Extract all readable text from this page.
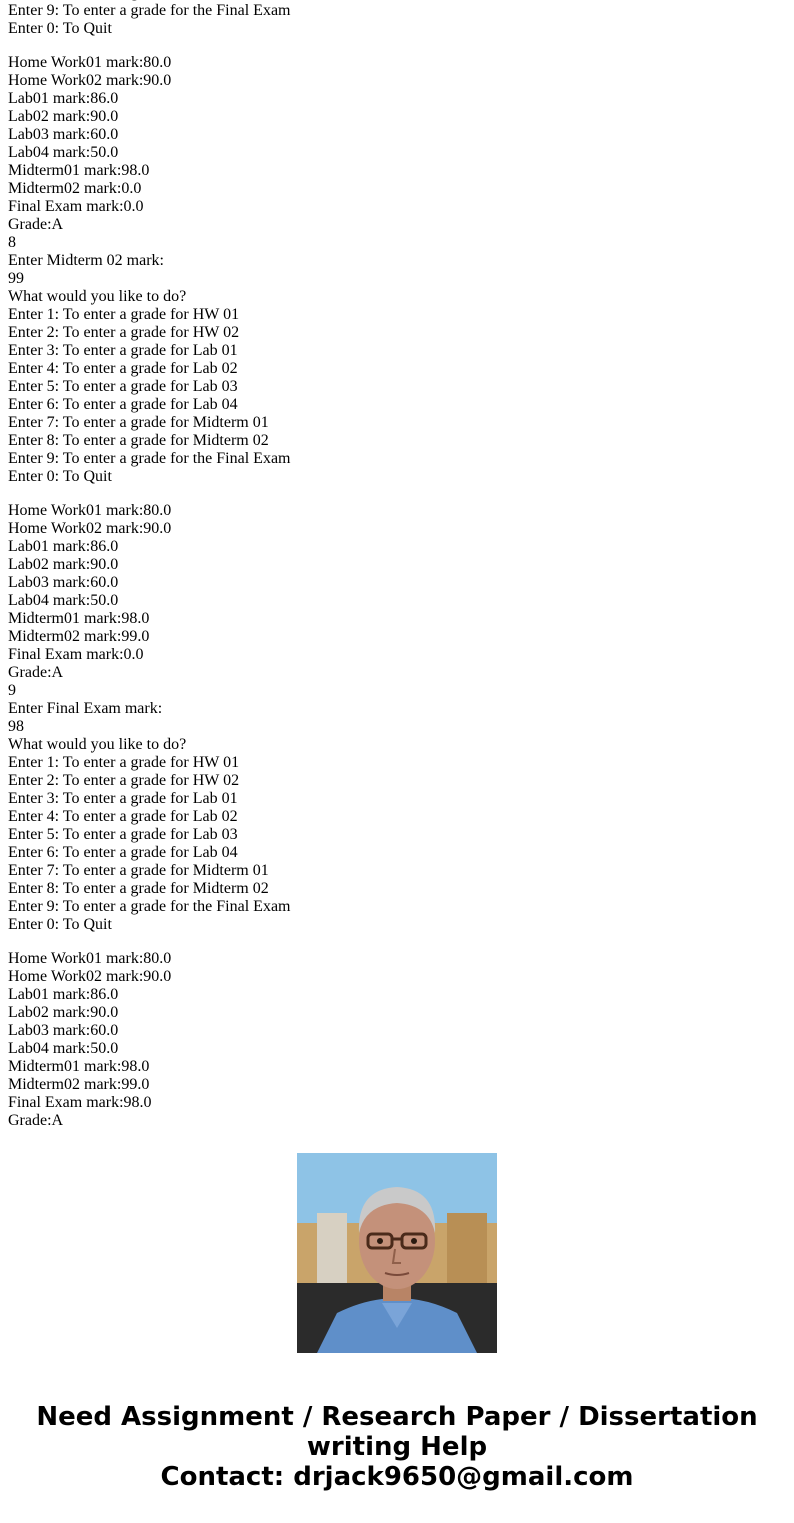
Enter 9: To enter a grade for the Final Exam
Enter 0: To Quit
Home Work01 mark:80.0
Home Work02 mark:90.0
Lab01 mark:86.0
Lab02 mark:90.0
Lab03 mark:60.0
Lab04 mark:50.0
Midterm01 mark:98.0
Midterm02 mark:0.0
Final Exam mark:0.0
Grade:A
8
Enter Midterm 02 mark:
99
What would you like to do?
Enter 1: To enter a grade for HW 01
Enter 2: To enter a grade for HW 02
Enter 3: To enter a grade for Lab 01
Enter 4: To enter a grade for Lab 02
Enter 5: To enter a grade for Lab 03
Enter 6: To enter a grade for Lab 04
Enter 7: To enter a grade for Midterm 01
Enter 8: To enter a grade for Midterm 02
Enter 9: To enter a grade for the Final Exam
Enter 0: To Quit
Home Work01 mark:80.0
Home Work02 mark:90.0
Lab01 mark:86.0
Lab02 mark:90.0
Lab03 mark:60.0
Lab04 mark:50.0
Midterm01 mark:98.0
Midterm02 mark:99.0
Final Exam mark:0.0
Grade:A
9
Enter Final Exam mark:
98
What would you like to do?
Enter 1: To enter a grade for HW 01
Enter 2: To enter a grade for HW 02
Enter 3: To enter a grade for Lab 01
Enter 4: To enter a grade for Lab 02
Enter 5: To enter a grade for Lab 03
Enter 6: To enter a grade for Lab 04
Enter 7: To enter a grade for Midterm 01
Enter 8: To enter a grade for Midterm 02
Enter 9: To enter a grade for the Final Exam
Enter 0: To Quit
Home Work01 mark:80.0
Home Work02 mark:90.0
Lab01 mark:86.0
Lab02 mark:90.0
Lab03 mark:60.0
Lab04 mark:50.0
Midterm01 mark:98.0
Midterm02 mark:99.0
Final Exam mark:98.0
Grade:A
Need Assignment / Research Paper / Dissertation
writing Help
Contact: drjack9650@gmail.com
